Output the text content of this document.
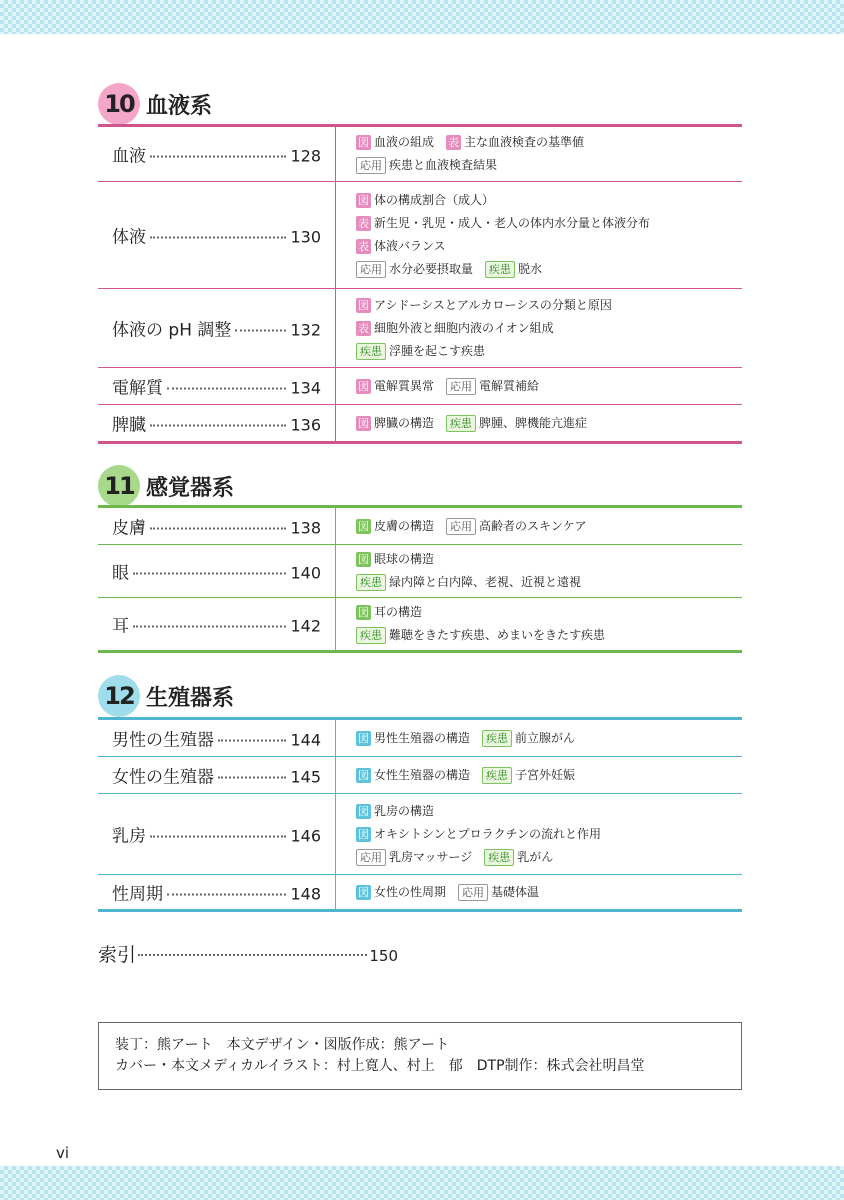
10 血液系
血液	128
図 血液の組成 表 主な血液検査の基準値
応用 疾患と血液検査結果
体液	130
図 体の構成割合（成人）
表 新生児・乳児・成人・老人の体内水分量と体液分布
表 体液バランス
応用 水分必要摂取量 疾患 脱水
体液の pH 調整	132
図 アシドーシスとアルカローシスの分類と原因
表 細胞外液と細胞内液のイオン組成
疾患 浮腫を起こす疾患
電解質	134	図 電解質異常 応用 電解質補給
脾臓	136	図 脾臓の構造 疾患 脾腫、脾機能亢進症
11 感覚器系
皮膚	138	図 皮膚の構造 応用 高齢者のスキンケア
眼	140
図 眼球の構造
疾患 緑内障と白内障、老視、近視と遠視
耳	142
図 耳の構造
疾患 難聴をきたす疾患、めまいをきたす疾患
12 生殖器系
男性の生殖器	144	図 男性生殖器の構造 疾患 前立腺がん
女性の生殖器	145	図 女性生殖器の構造 疾患 子宮外妊娠
乳房	146
図 乳房の構造
図 オキシトシンとプロラクチンの流れと作用
応用 乳房マッサージ 疾患 乳がん
性周期	148	図 女性の性周期 応用 基礎体温
索引	150
装丁：熊アート　本文デザイン・図版作成：熊アート
カバー・本文メディカルイラスト：村上寛人、村上　郁　DTP制作：株式会社明昌堂
vi
